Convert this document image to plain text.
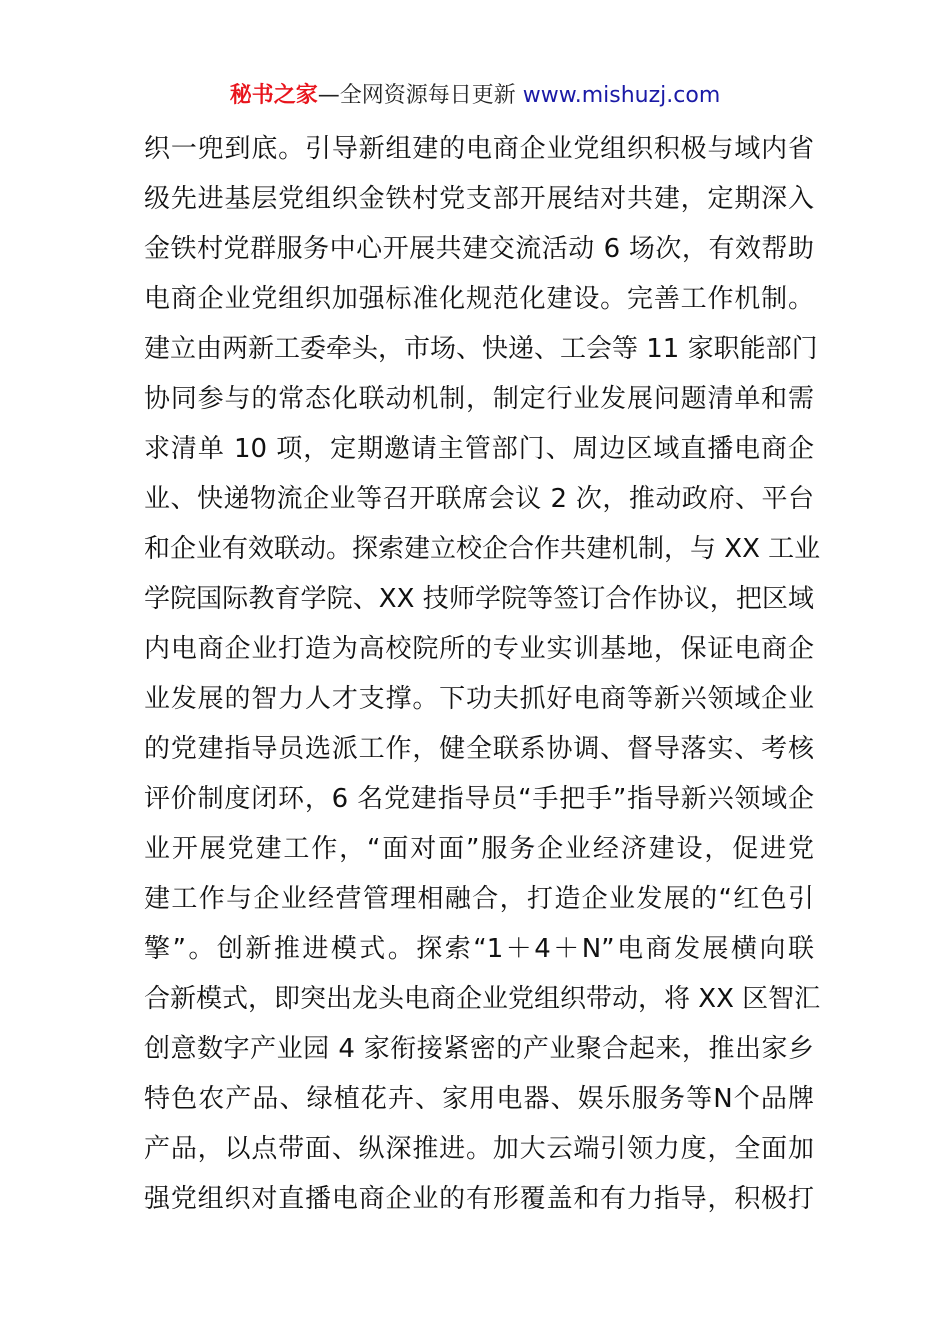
秘书之家—全网资源每日更新 www.mishuzj.com
织一兜到底。引导新组建的电商企业党组织积极与域内省
级先进基层党组织金铁村党支部开展结对共建，定期深入
金铁村党群服务中心开展共建交流活动 6 场次，有效帮助
电商企业党组织加强标准化规范化建设。完善工作机制。
建立由两新工委牵头，市场、快递、工会等 11 家职能部门
协同参与的常态化联动机制，制定行业发展问题清单和需
求清单 10 项，定期邀请主管部门、周边区域直播电商企
业、快递物流企业等召开联席会议 2 次，推动政府、平台
和企业有效联动。探索建立校企合作共建机制，与 XX 工业
学院国际教育学院、XX 技师学院等签订合作协议，把区域
内电商企业打造为高校院所的专业实训基地，保证电商企
业发展的智力人才支撑。下功夫抓好电商等新兴领域企业
的党建指导员选派工作，健全联系协调、督导落实、考核
评价制度闭环，6 名党建指导员“手把手”指导新兴领域企
业开展党建工作，“面对面”服务企业经济建设，促进党
建工作与企业经营管理相融合，打造企业发展的“红色引
擎”。创新推进模式。探索“1＋4＋N”电商发展横向联
合新模式，即突出龙头电商企业党组织带动，将 XX 区智汇
创意数字产业园 4 家衔接紧密的产业聚合起来，推出家乡
特色农产品、绿植花卉、家用电器、娱乐服务等N个品牌
产品，以点带面、纵深推进。加大云端引领力度，全面加
强党组织对直播电商企业的有形覆盖和有力指导，积极打
